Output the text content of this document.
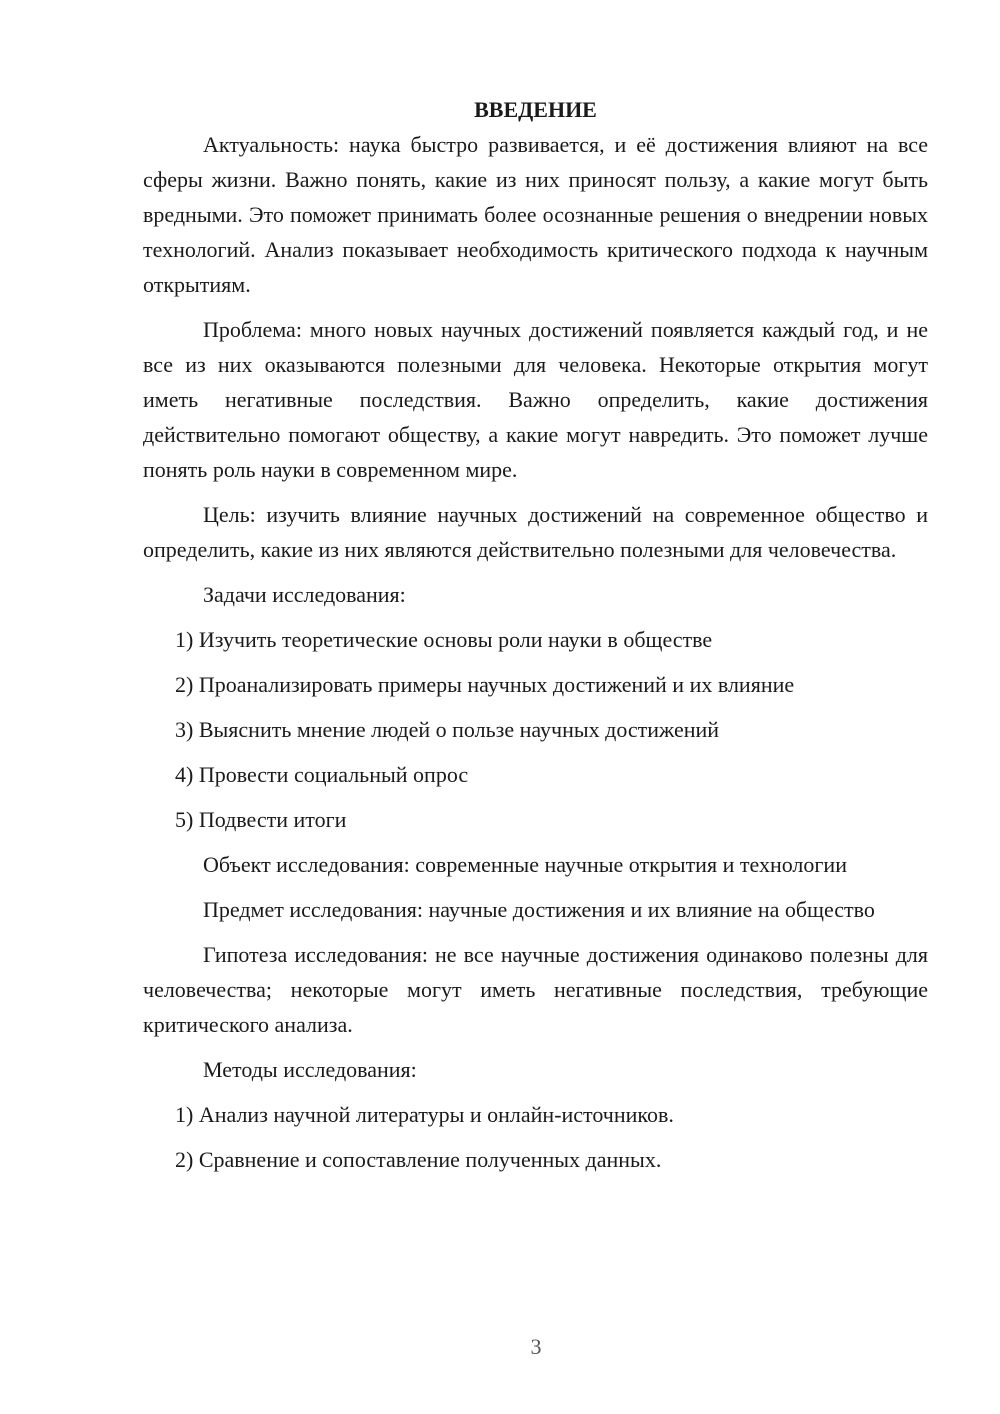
ВВЕДЕНИЕ

Актуальность: наука быстро развивается, и её достижения влияют на все сферы жизни. Важно понять, какие из них приносят пользу, а какие могут быть вредными. Это поможет принимать более осознанные решения о внедрении новых технологий. Анализ показывает необходимость критического подхода к научным открытиям.

Проблема: много новых научных достижений появляется каждый год, и не все из них оказываются полезными для человека. Некоторые открытия могут иметь негативные последствия. Важно определить, какие достижения действительно помогают обществу, а какие могут навредить. Это поможет лучше понять роль науки в современном мире.

Цель: изучить влияние научных достижений на современное общество и определить, какие из них являются действительно полезными для человечества.

Задачи исследования:

1) Изучить теоретические основы роли науки в обществе
2) Проанализировать примеры научных достижений и их влияние
3) Выяснить мнение людей о пользе научных достижений
4) Провести социальный опрос
5) Подвести итоги

Объект исследования: современные научные открытия и технологии

Предмет исследования: научные достижения и их влияние на общество

Гипотеза исследования: не все научные достижения одинаково полезны для человечества; некоторые могут иметь негативные последствия, требующие критического анализа.

Методы исследования:

1) Анализ научной литературы и онлайн-источников.
2) Сравнение и сопоставление полученных данных.
3
